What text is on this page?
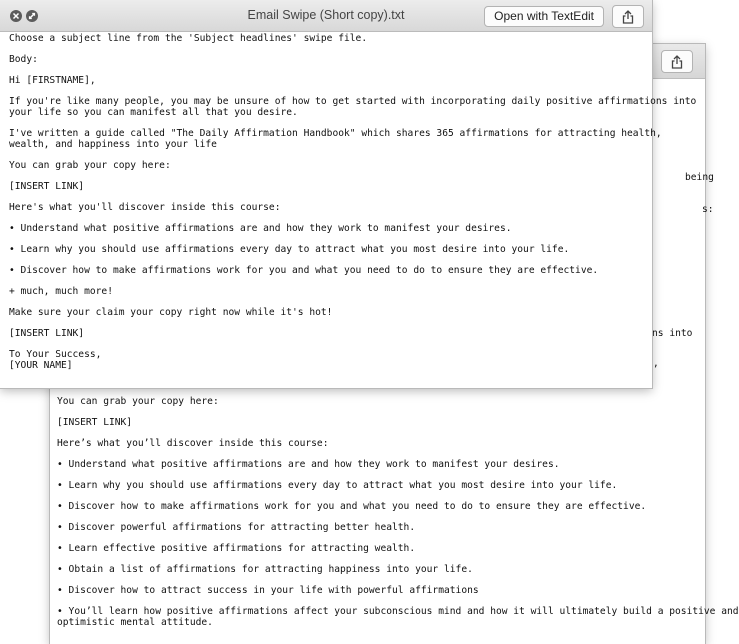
being
s:
ns into
,

You can grab your copy here:

[INSERT LINK]

Here’s what you’ll discover inside this course:

• Understand what positive affirmations are and how they work to manifest your desires.

• Learn why you should use affirmations every day to attract what you most desire into your life.

• Discover how to make affirmations work for you and what you need to do to ensure they are effective.

• Discover powerful affirmations for attracting better health.

• Learn effective positive affirmations for attracting wealth.

• Obtain a list of affirmations for attracting happiness into your life.

• Discover how to attract success in your life with powerful affirmations

• You’ll learn how positive affirmations affect your subconscious mind and how it will ultimately build a positive and
optimistic mental attitude.

Email Swipe (Short copy).txt	Open with TextEdit

Choose a subject line from the 'Subject headlines' swipe file.

Body:

Hi [FIRSTNAME],

If you're like many people, you may be unsure of how to get started with incorporating daily positive affirmations
your life so you can manifest all that you desire.

I've written a guide called "The Daily Affirmation Handbook" which shares 365 affirmations for attracting health,
wealth, and happiness into your life

You can grab your copy here:

[INSERT LINK]

Here's what you'll discover inside this course:

• Understand what positive affirmations are and how they work to manifest your desires.

• Learn why you should use affirmations every day to attract what you most desire into your life.

• Discover how to make affirmations work for you and what you need to do to ensure they are effective.

+ much, much more!

Make sure your claim your copy right now while it's hot!

[INSERT LINK]

To Your Success,
[YOUR NAME]
